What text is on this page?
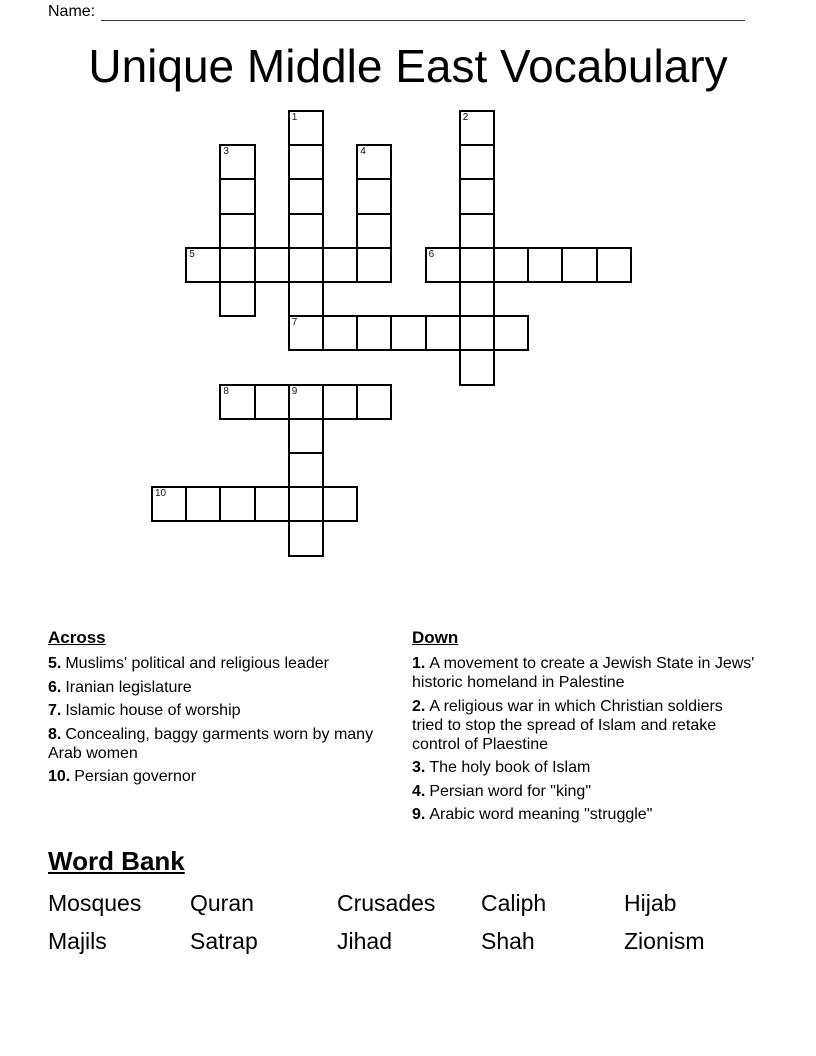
Name:
Unique Middle East Vocabulary
1
7
2
3	4
5	6
8	9
10
Across

5. Muslims' political and religious leader

6. Iranian legislature

7. Islamic house of worship

8. Concealing, baggy garments worn by many Arab women

10. Persian governor

Down

1. A movement to create a Jewish State in Jews' historic homeland in Palestine

2. A religious war in which Christian soldiers tried to stop the spread of Islam and retake control of Plaestine

3. The holy book of Islam

4. Persian word for "king"

9. Arabic word meaning "struggle"

Word Bank
Mosques	Quran	Crusades	Caliph	Hijab
Majils	Satrap	Jihad	Shah	Zionism
